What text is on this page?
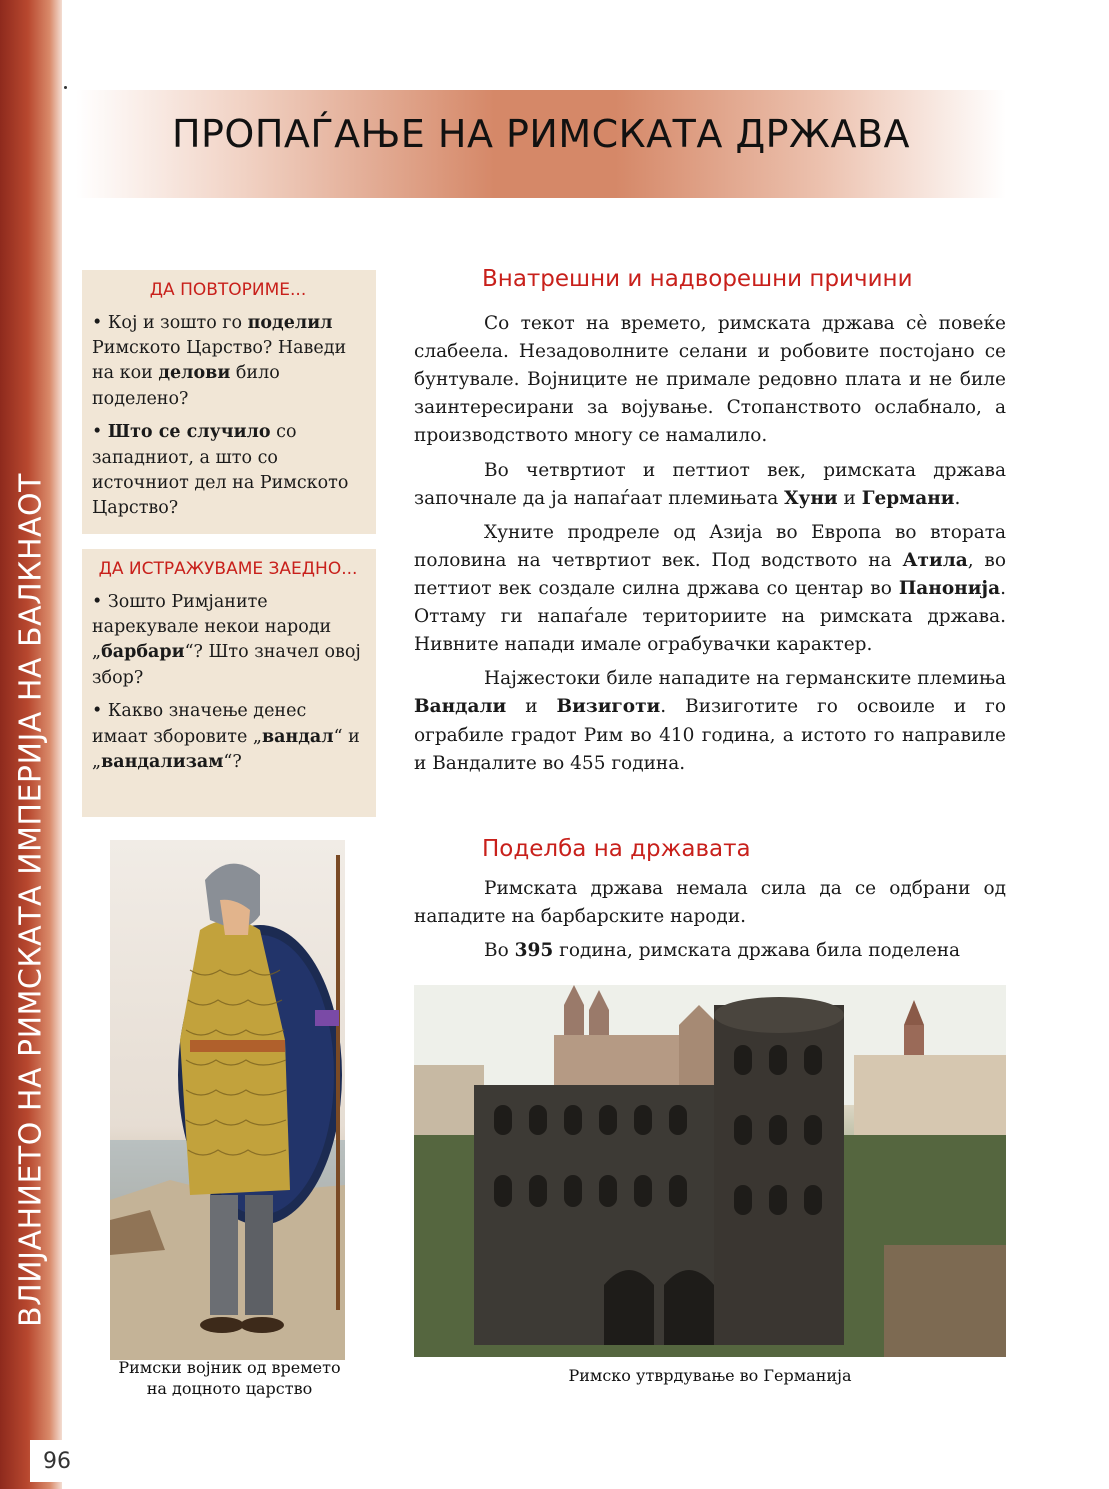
ВЛИЈАНИЕТО НА РИМСКАТА ИМПЕРИЈА НА БАЛКНАОТ
96
ПРОПАЃАЊЕ НА РИМСКАТА ДРЖАВА
ДА ПОВТОРИМЕ...

• Кој и зошто го поделил Римското Царство? Наведи на кои делови било поделено?

• Што се случило со западниот, а што со источниот дел на Римското Царство?

ДА ИСТРАЖУВАМЕ ЗАЕДНО...

• Зошто Римјаните нарекувале некои народи „барбари“? Што значел овој збор?

• Какво значење денес имаат зборовите „вандал“ и „вандализам“?

Римски војник од времето
на доцното царство
Внатрешни и надворешни причини

Со текот на времето, римската држава сѐ повеќе слабеела. Незадоволните селани и робовите постојано се бунтувале. Војниците не примале редовно плата и не биле заинтересирани за војување. Стопанството ослабнало, а производството многу се намалило.

Во четвртиот и петтиот век, римската држава започнале да ја напаѓаат племињата Хуни и Германи.

Хуните продреле од Азија во Европа во втората половина на четвртиот век. Под водството на Атила, во петтиот век создале силна држава со центар во Панонија. Оттаму ги напаѓале териториите на римската држава. Нивните напади имале ограбувачки карактер.

Најжестоки биле нападите на германските племиња Вандали и Визиготи. Визиготите го освоиле и го ограбиле градот Рим во 410 година, а истото го направиле и Вандалите во 455 година.

Поделба на државата

Римската држава немала сила да се одбрани од нападите на барбарските народи.

Во 395 година, римската држава била поделена

Римско утврдување во Германија
